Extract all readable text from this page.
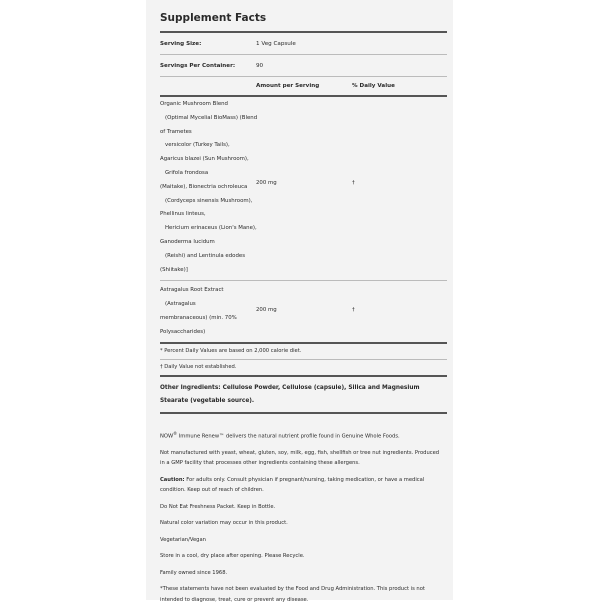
Supplement Facts
Serving Size:	1 Veg Capsule
Servings Per Container:	90
Amount per Serving	% Daily Value
Organic Mushroom Blend
(Optimal Mycelial BioMass) (Blend
of Trametes
versicolor (Turkey Tails),
Agaricus blazei (Sun Mushroom),
Grifola frondosa
(Maitake), Bionectria ochroleuca
(Cordyceps sinensis Mushroom),
Phellinus linteus,
Hericium erinaceus (Lion's Mane),
Ganoderma lucidum
(Reishi) and Lentinula edodes
(Shiitake)]
200 mg	†
Astragalus Root Extract
(Astragalus
membranaceous) (min. 70%
Polysaccharides)
200 mg	†
* Percent Daily Values are based on 2,000 calorie diet.
† Daily Value not established.
Other Ingredients: Cellulose Powder, Cellulose (capsule), Silica and Magnesium Stearate (vegetable source).
NOW® Immune Renew™ delivers the natural nutrient profile found in Genuine Whole Foods.
Not manufactured with yeast, wheat, gluten, soy, milk, egg, fish, shellfish or tree nut ingredients. Produced in a GMP facility that processes other ingredients containing these allergens.
Caution: For adults only. Consult physician if pregnant/nursing, taking medication, or have a medical condition. Keep out of reach of children.
Do Not Eat Freshness Packet. Keep in Bottle.
Natural color variation may occur in this product.
Vegetarian/Vegan
Store in a cool, dry place after opening. Please Recycle.
Family owned since 1968.
*These statements have not been evaluated by the Food and Drug Administration. This product is not intended to diagnose, treat, cure or prevent any disease.
